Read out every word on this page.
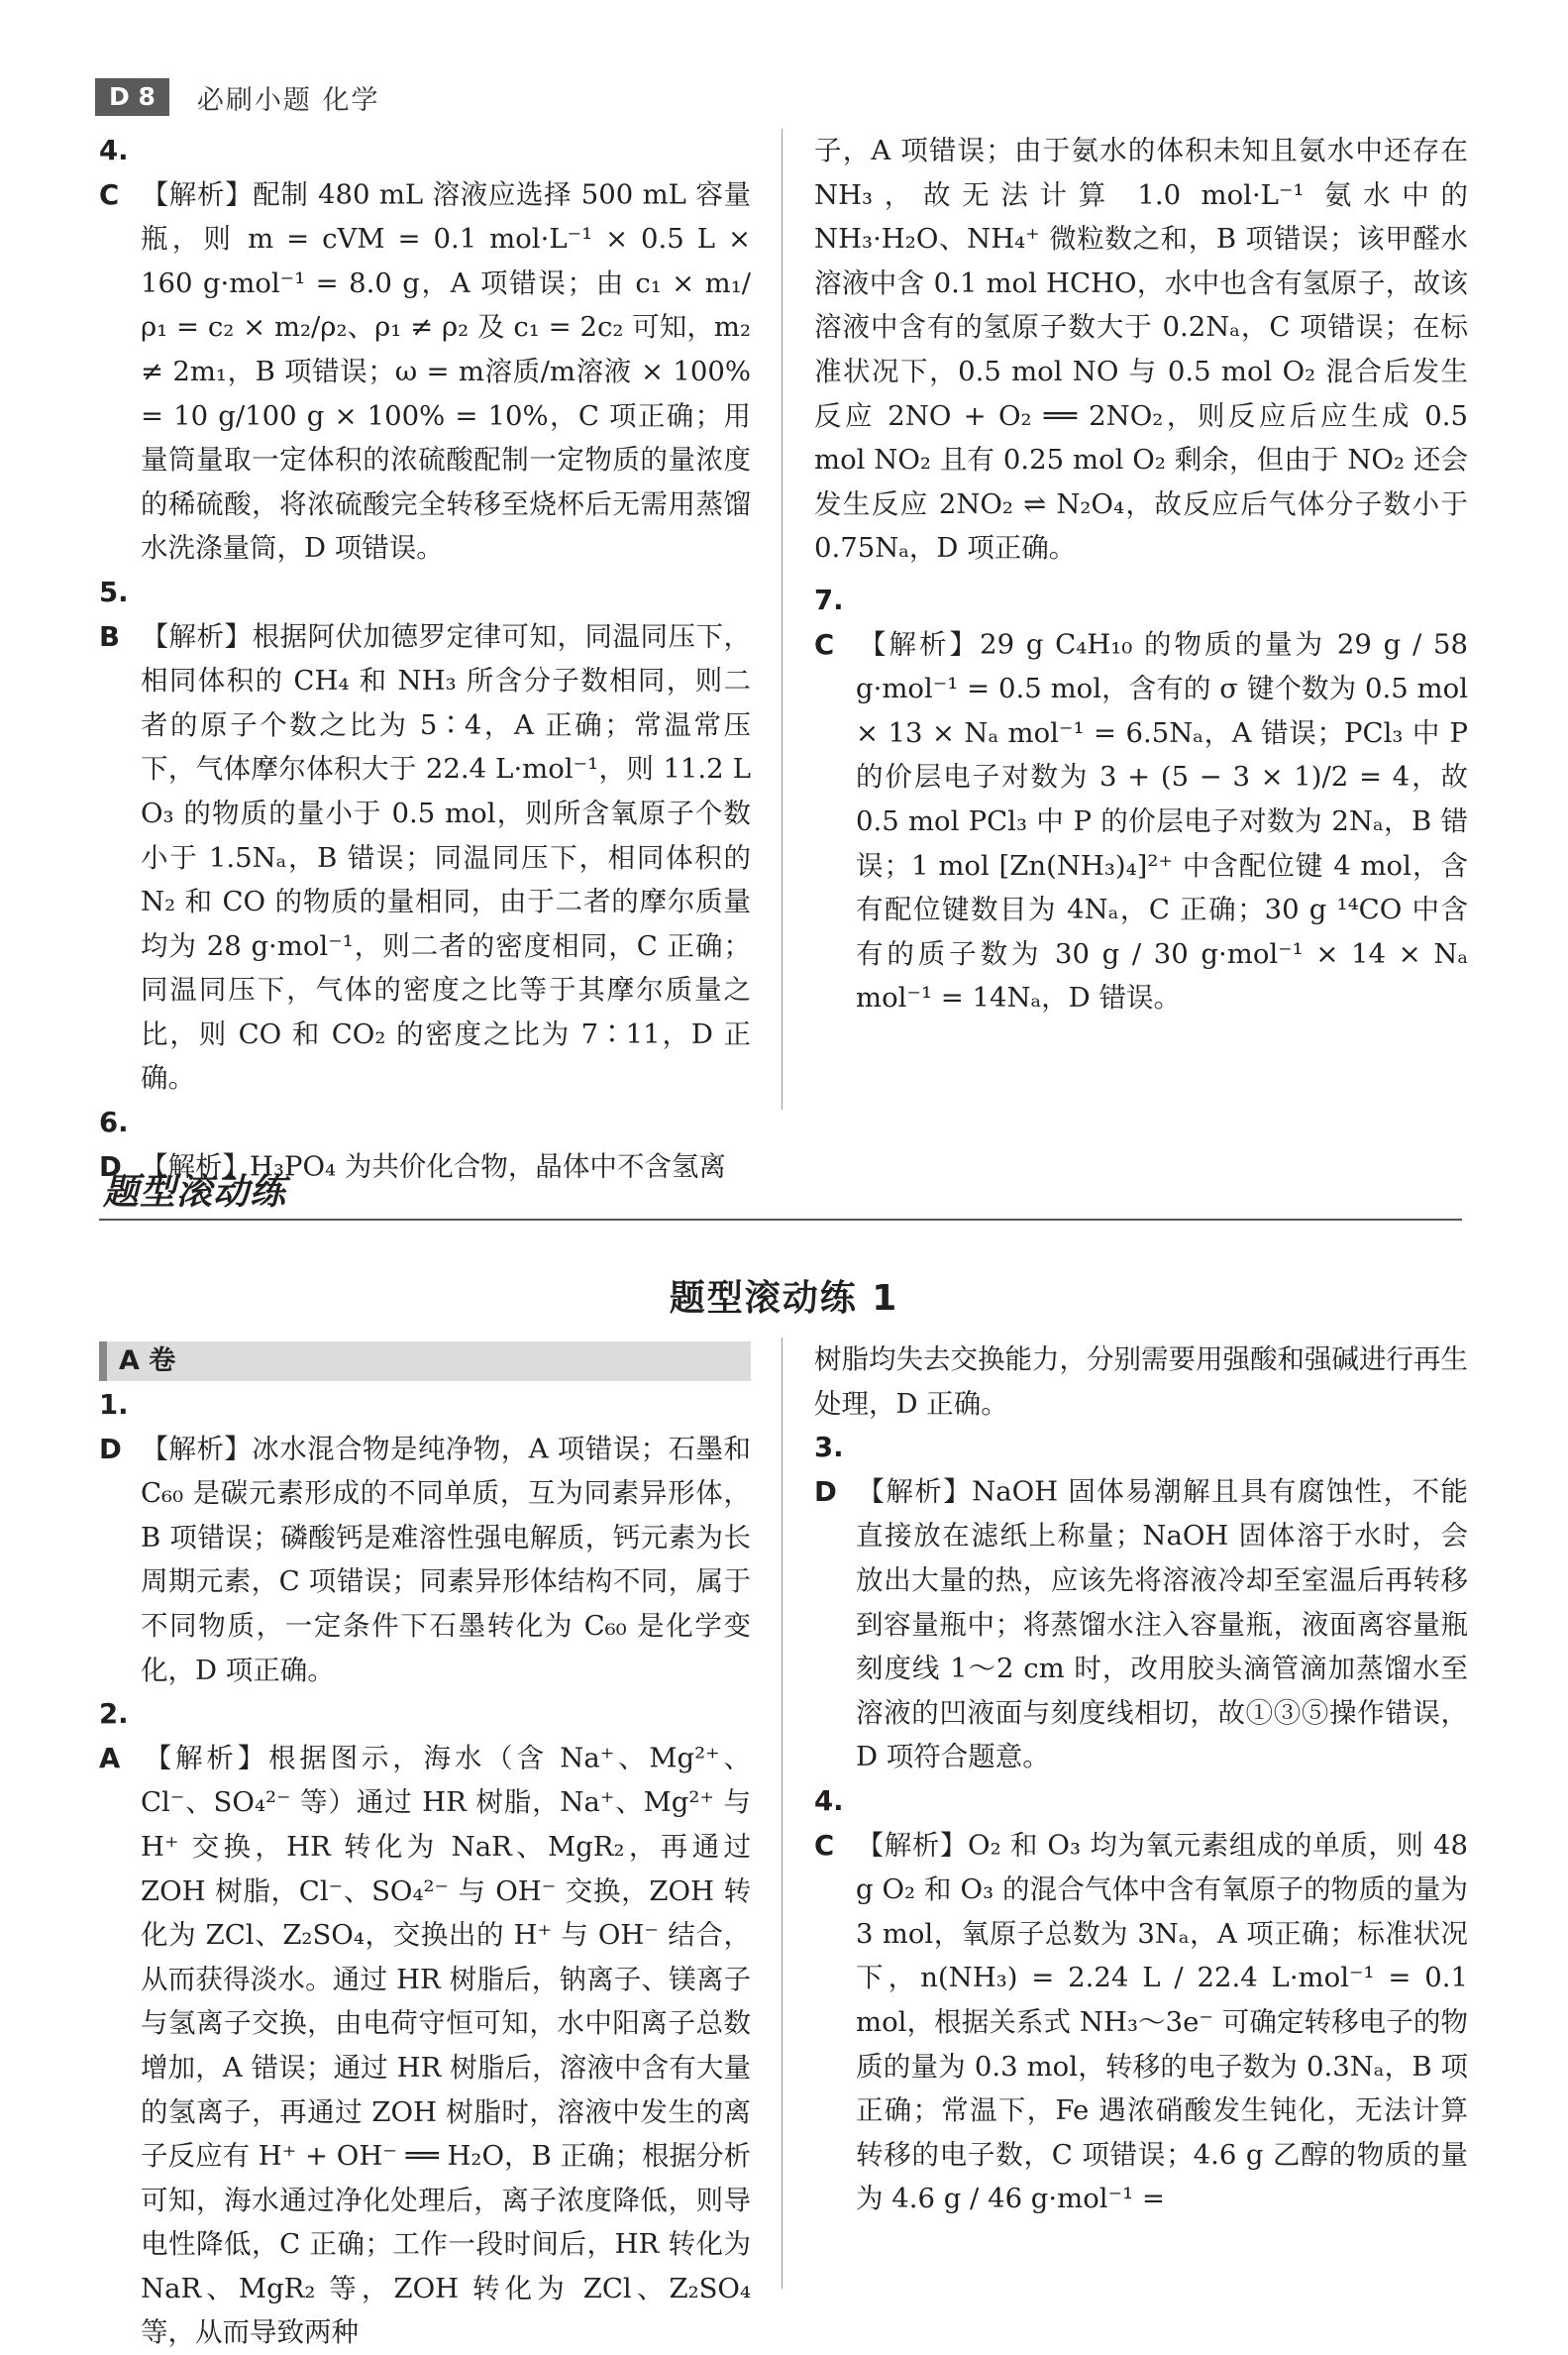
D 8	必刷小题 化学

4. C 【解析】配制 480 mL 溶液应选择 500 mL 容量瓶，则 m = cVM = 0.1 mol·L⁻¹ × 0.5 L × 160 g·mol⁻¹ = 8.0 g，A 项错误；由 c₁ × m₁/ρ₁ = c₂ × m₂/ρ₂、ρ₁ ≠ ρ₂ 及 c₁ = 2c₂ 可知，m₂ ≠ 2m₁，B 项错误；ω = m溶质/m溶液 × 100% = 10 g/100 g × 100% = 10%，C 项正确；用量筒量取一定体积的浓硫酸配制一定物质的量浓度的稀硫酸，将浓硫酸完全转移至烧杯后无需用蒸馏水洗涤量筒，D 项错误。

5. B 【解析】根据阿伏加德罗定律可知，同温同压下，相同体积的 CH₄ 和 NH₃ 所含分子数相同，则二者的原子个数之比为 5∶4，A 正确；常温常压下，气体摩尔体积大于 22.4 L·mol⁻¹，则 11.2 L O₃ 的物质的量小于 0.5 mol，则所含氧原子个数小于 1.5Nₐ，B 错误；同温同压下，相同体积的 N₂ 和 CO 的物质的量相同，由于二者的摩尔质量均为 28 g·mol⁻¹，则二者的密度相同，C 正确；同温同压下，气体的密度之比等于其摩尔质量之比，则 CO 和 CO₂ 的密度之比为 7∶11，D 正确。

6. D 【解析】H₃PO₄ 为共价化合物，晶体中不含氢离

子，A 项错误；由于氨水的体积未知且氨水中还存在 NH₃，故无法计算 1.0 mol·L⁻¹ 氨水中的 NH₃·H₂O、NH₄⁺ 微粒数之和，B 项错误；该甲醛水溶液中含 0.1 mol HCHO，水中也含有氢原子，故该溶液中含有的氢原子数大于 0.2Nₐ，C 项错误；在标准状况下，0.5 mol NO 与 0.5 mol O₂ 混合后发生反应 2NO + O₂ ══ 2NO₂，则反应后应生成 0.5 mol NO₂ 且有 0.25 mol O₂ 剩余，但由于 NO₂ 还会发生反应 2NO₂ ⇌ N₂O₄，故反应后气体分子数小于 0.75Nₐ，D 项正确。

7. C 【解析】29 g C₄H₁₀ 的物质的量为 29 g / 58 g·mol⁻¹ = 0.5 mol，含有的 σ 键个数为 0.5 mol × 13 × Nₐ mol⁻¹ = 6.5Nₐ，A 错误；PCl₃ 中 P 的价层电子对数为 3 + (5 − 3 × 1)/2 = 4，故 0.5 mol PCl₃ 中 P 的价层电子对数为 2Nₐ，B 错误；1 mol [Zn(NH₃)₄]²⁺ 中含配位键 4 mol，含有配位键数目为 4Nₐ，C 正确；30 g ¹⁴CO 中含有的质子数为 30 g / 30 g·mol⁻¹ × 14 × Nₐ mol⁻¹ = 14Nₐ，D 错误。

题型滚动练
题型滚动练 1
A 卷

1. D 【解析】冰水混合物是纯净物，A 项错误；石墨和 C₆₀ 是碳元素形成的不同单质，互为同素异形体，B 项错误；磷酸钙是难溶性强电解质，钙元素为长周期元素，C 项错误；同素异形体结构不同，属于不同物质，一定条件下石墨转化为 C₆₀ 是化学变化，D 项正确。

2. A 【解析】根据图示，海水（含 Na⁺、Mg²⁺、Cl⁻、SO₄²⁻ 等）通过 HR 树脂，Na⁺、Mg²⁺ 与 H⁺ 交换，HR 转化为 NaR、MgR₂，再通过 ZOH 树脂，Cl⁻、SO₄²⁻ 与 OH⁻ 交换，ZOH 转化为 ZCl、Z₂SO₄，交换出的 H⁺ 与 OH⁻ 结合，从而获得淡水。通过 HR 树脂后，钠离子、镁离子与氢离子交换，由电荷守恒可知，水中阳离子总数增加，A 错误；通过 HR 树脂后，溶液中含有大量的氢离子，再通过 ZOH 树脂时，溶液中发生的离子反应有 H⁺ + OH⁻ ══ H₂O，B 正确；根据分析可知，海水通过净化处理后，离子浓度降低，则导电性降低，C 正确；工作一段时间后，HR 转化为 NaR、MgR₂ 等，ZOH 转化为 ZCl、Z₂SO₄ 等，从而导致两种

树脂均失去交换能力，分别需要用强酸和强碱进行再生处理，D 正确。

3. D 【解析】NaOH 固体易潮解且具有腐蚀性，不能直接放在滤纸上称量；NaOH 固体溶于水时，会放出大量的热，应该先将溶液冷却至室温后再转移到容量瓶中；将蒸馏水注入容量瓶，液面离容量瓶刻度线 1～2 cm 时，改用胶头滴管滴加蒸馏水至溶液的凹液面与刻度线相切，故①③⑤操作错误，D 项符合题意。

4. C 【解析】O₂ 和 O₃ 均为氧元素组成的单质，则 48 g O₂ 和 O₃ 的混合气体中含有氧原子的物质的量为 3 mol，氧原子总数为 3Nₐ，A 项正确；标准状况下，n(NH₃) = 2.24 L / 22.4 L·mol⁻¹ = 0.1 mol，根据关系式 NH₃～3e⁻ 可确定转移电子的物质的量为 0.3 mol，转移的电子数为 0.3Nₐ，B 项正确；常温下，Fe 遇浓硝酸发生钝化，无法计算转移的电子数，C 项错误；4.6 g 乙醇的物质的量为 4.6 g / 46 g·mol⁻¹ =
